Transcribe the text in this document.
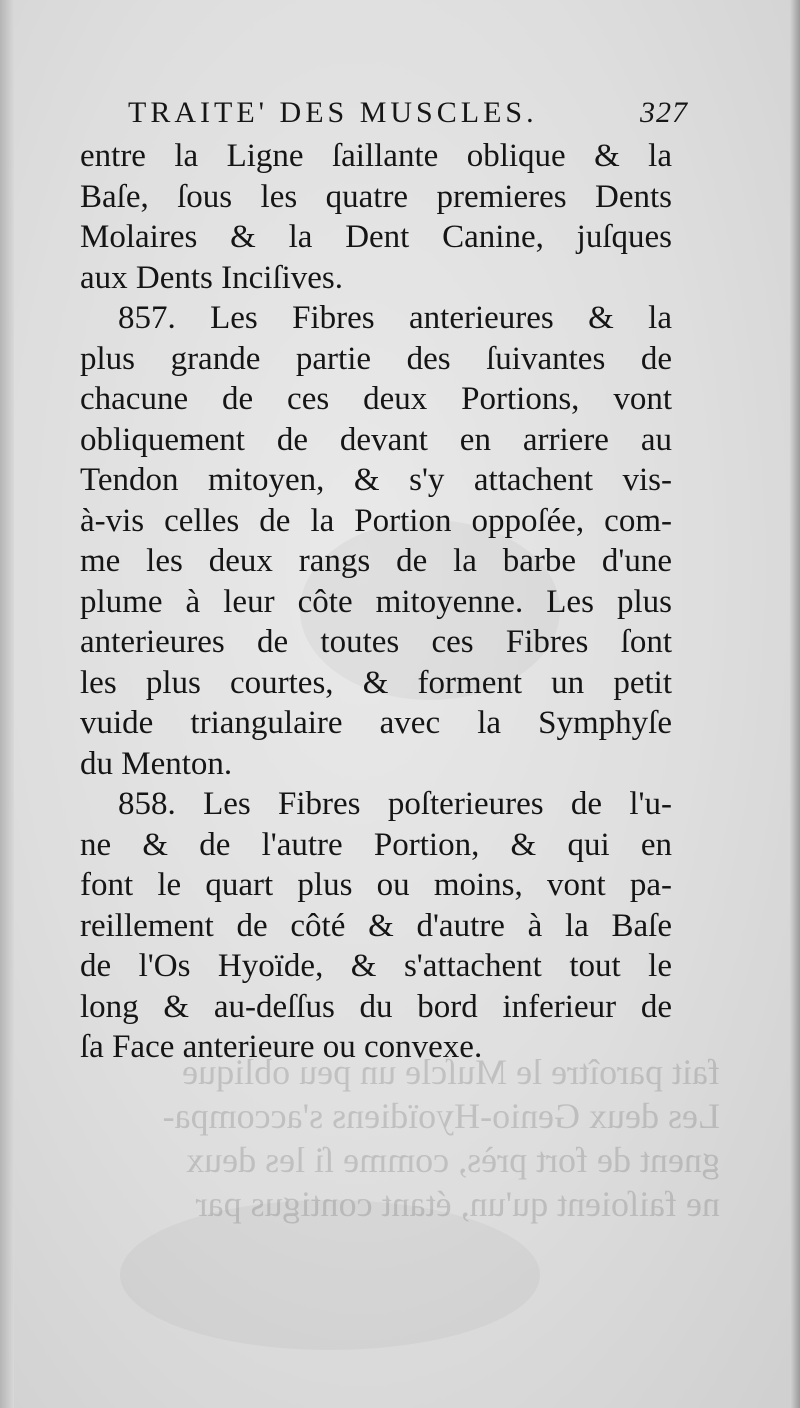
fait paroître le Muſcle un peu oblique
Les deux Genio-Hyoïdiens s'accompa-
gnent de fort près, comme ſi les deux
ne faiſoient qu'un, étant contigus par
TRAITE' DES MUSCLES.	327
entre la Ligne ſaillante oblique & la
Baſe, ſous les quatre premieres Dents
Molaires & la Dent Canine, juſques
aux Dents Inciſives.
857. Les Fibres anterieures & la
plus grande partie des ſuivantes de
chacune de ces deux Portions, vont
obliquement de devant en arriere au
Tendon mitoyen, & s'y attachent vis-
à-vis celles de la Portion oppoſée, com-
me les deux rangs de la barbe d'une
plume à leur côte mitoyenne. Les plus
anterieures de toutes ces Fibres ſont
les plus courtes, & forment un petit
vuide triangulaire avec la Symphyſe
du Menton.
858. Les Fibres poſterieures de l'u-
ne & de l'autre Portion, & qui en
font le quart plus ou moins, vont pa-
reillement de côté & d'autre à la Baſe
de l'Os Hyoïde, & s'attachent tout le
long & au-deſſus du bord inferieur de
ſa Face anterieure ou convexe.
